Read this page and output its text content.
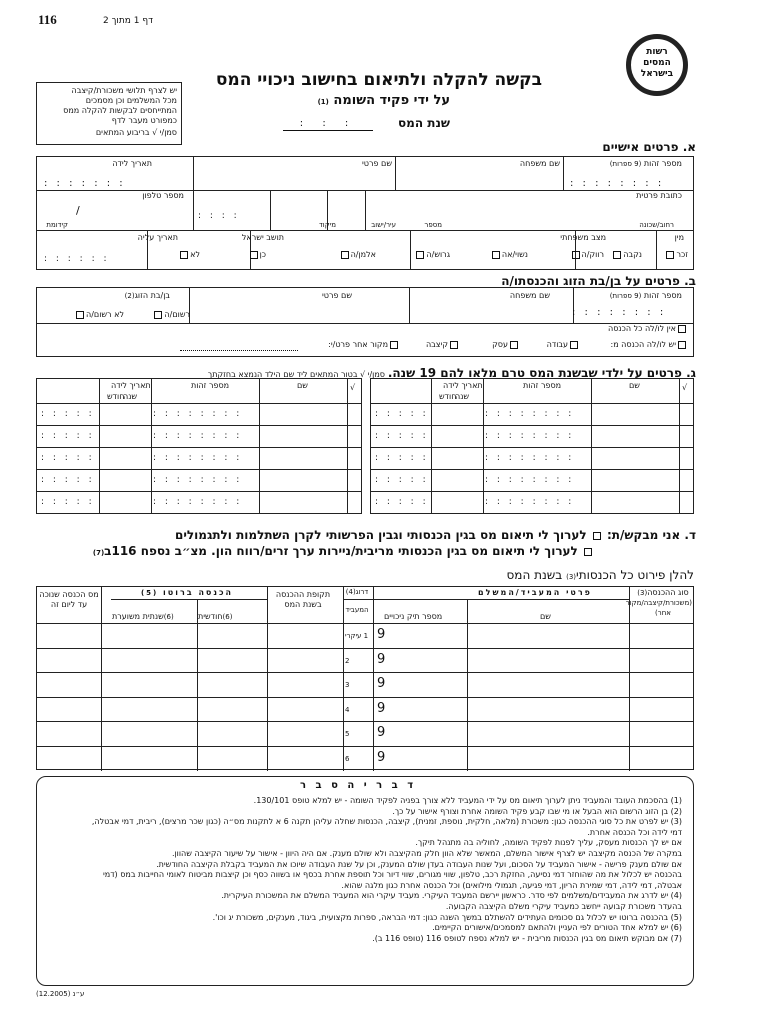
116	דף 1 מתוך 2
רשות
המסים
בישראל
בקשה להקלה ולתיאום בחישוב ניכויי המס
על ידי פקיד השומה (1)
שנת המס
: : :
יש לצרף תלושי משכורת/קיצבה
מכל המשלמים וכן מסמכים
המתייחסים לבקשות להקלה ממס
כמפורט מעבר לדף
סמן/י √ בריבוע המתאים
א. פרטים אישיים
מספר זהות (9 ספרות)
שם משפחה
שם פרטי
תאריך לידה
: : : : : : : :
: : : : : : :
כתובת פרטית
מספר טלפון
/
רחוב/שכונה
מספר
עיר/ישוב
מיקוד
קידומת
: : : :
מין
מצב משפחתי
תושב ישראל
תאריך עליה
זכר
נקבה
רווק/ה
נשוי/אה
גרוש/ה
אלמן/ה
כן
לא
: : : : : :
ב. פרטים על בן/בת הזוג והכנסתו/ה
מספר זהות (9 ספרות)
שם משפחה
שם פרטי
בן/בת הזוג(2)
: : : : : : : :
רשום/ה
לא רשום/ה
אין לו/לה כל הכנסה
יש לו/לה הכנסה מ:
עבודה
עסק
קיצבה
מקור אחר פרט/י:
ג. פרטים על ילדי שבשנת המס טרם מלאו להם 19 שנה. סמן/י √ בטור המתאים ליד שם הילד הנמצא בחזקתך
√
שם
מספר זהות
תאריך לידה
שנה
חודש
: : : : : : : :
: : : : :
: : : : : : : :
: : : : :
: : : : : : : :
: : : : :
: : : : : : : :
: : : : :
: : : : : : : :
: : : : :
√
שם
מספר זהות
תאריך לידה
שנה
חודש
: : : : : : : :
: : : : :
: : : : : : : :
: : : : :
: : : : : : : :
: : : : :
: : : : : : : :
: : : : :
: : : : : : : :
: : : : :
ד. אני מבקש/ת:  לערוך לי תיאום מס בגין הכנסותי וגבין הפרשותי לקרן השתלמות ולתגמולים
לערוך לי תיאום מס בגין הכנסותי מריבית/ניירות ערך זרים/רווח הון. מצ״ב נספח 116ב(7)
להלן פירוט כל הכנסותי(3) בשנת המס
1 עיקרי 9
2 9
3 9
4 9
5 9
6 9
סוג ההכנסה(3)
(משכורת/קיצבה/מקור אחר)
פרטי המעביד/המשלם
שם
מספר תיק ניכויים
דרוג(4)

המעביד
תקופת ההכנסה בשנת המס
הכנסה ברוטו (5)
(6)חודשית
(6)שנתית משוערת
מס הכנסה שנוכה עד ליום זה
ד ב ר י ה ס ב ר
(1) בהסכמת העובד והמעביד ניתן לערוך תיאום מס על ידי המעביד ללא צורך בפניה לפקיד השומה - יש למלא טופס 130/101.
(2) בן הזוג הרשום הוא הבעל או מי שבו קבע פקיד השומה אחרת וצורף אישור על כך.
(3) יש לפרט את כל סוגי ההכנסה כגון: משכורת (מלאה, חלקית, נוספת, זמנית), קיצבה, הכנסות שחלה עליהן תקנה 6 א לתקנות מס״ה (כגון שכר מרצים), ריבית, דמי אבטלה, דמי לידה וכל הכנסה אחרת.
אם יש לך הכנסות מעסק, עליך לפנות לפקיד השומה, לחוליה בה מתנהל תיקך.
במקרה של הכנסה מקיצבה יש לצרף אישור המשלם, המאשר שלא הוון חלק מהקיצבה ולא שולם מענק. אם היה היוון - אישור על שיעור הקיצבה שהוון.
אם שולם מענק פרישה - אישור המעביד על הסכום, ועל שנות העבודה בעדן שולם המענק, וכן על שנת העבודה שיוכו את המעביד בקבלת הקיצבה החודשית.
בהכנסה יש לכלול את מה שהוחזר דמי נסיעה, החזקת רכב, טלפון, שווי מגורים, שווי דיור וכל תוספת אחרת בכסף או בשווה כסף וכן קיצבות מביטוח לאומי החייבות במס (דמי אבטלה, דמי לידה, דמי שמירת הריון, דמי פגיעה, תגמולי מילואים) וכל הכנסה אחרת כגון מלגה שהוא.
(4) יש לדרג את המעבידים/משלמים לפי סדר. כראשון יירשם המעביד העיקרי. מעביד עיקרי הוא המעביד המשלם את המשכורת העיקרית.
בהעדר משכורת קבועה ייחשב כמעביד עיקרי משלם הקיצבה הקבועה.
(5) בהכנסה ברוטו יש לכלול גם סכומים העתידים להשתלם במשך השנה כגון: דמי הבראה, ספרות מקצועית, ביגוד, מענקים, משכורת יג וכו'.
(6) יש למלא אחד הטורים לפי העניין ולהתאם למסמכים/אישורים הקיימים.
(7) אם מבוקש תיאום מס בגין הכנסות מריבית - יש למלא נספח לטופס 116 (טופס 116 ב).
ע״נ (12.2005)
